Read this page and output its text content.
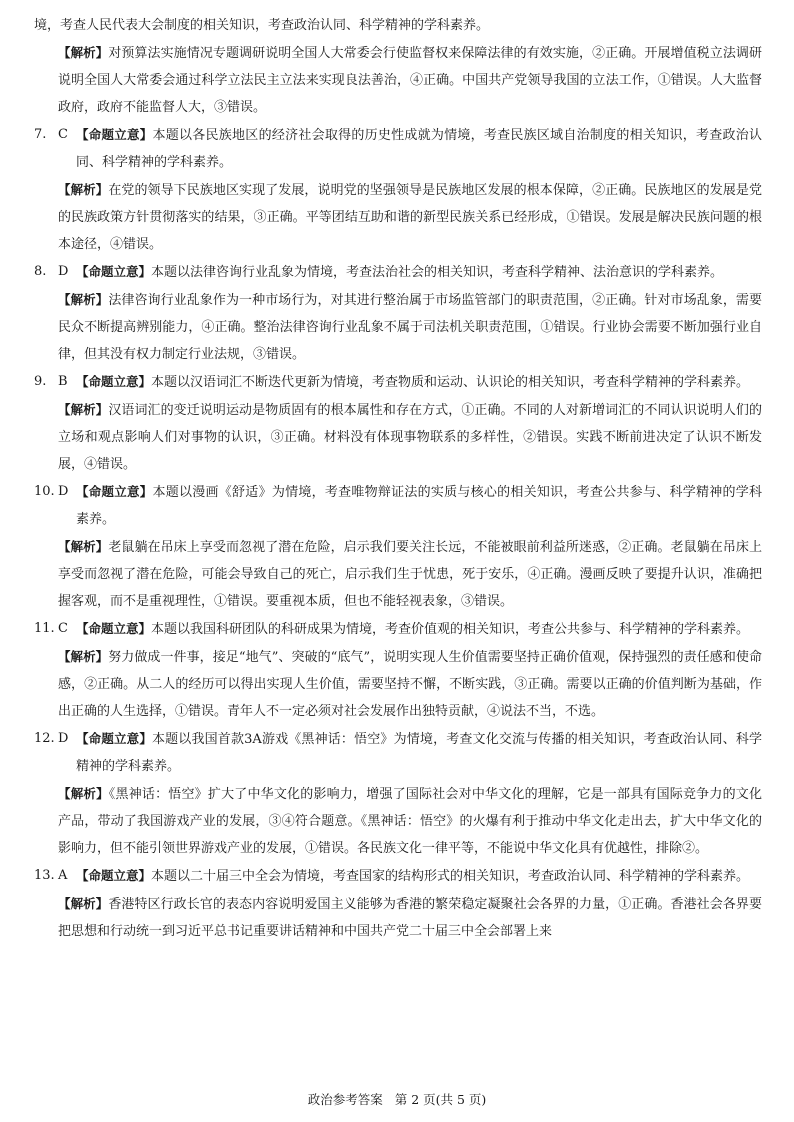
境，考查人民代表大会制度的相关知识，考查政治认同、科学精神的学科素养。

【解析】对预算法实施情况专题调研说明全国人大常委会行使监督权来保障法律的有效实施，②正确。开展增值税立法调研说明全国人大常委会通过科学立法民主立法来实现良法善治，④正确。中国共产党领导我国的立法工作，①错误。人大监督政府，政府不能监督人大，③错误。

7. C 【命题立意】本题以各民族地区的经济社会取得的历史性成就为情境，考查民族区域自治制度的相关知识，考查政治认同、科学精神的学科素养。

【解析】在党的领导下民族地区实现了发展，说明党的坚强领导是民族地区发展的根本保障，②正确。民族地区的发展是党的民族政策方针贯彻落实的结果，③正确。平等团结互助和谐的新型民族关系已经形成，①错误。发展是解决民族问题的根本途径，④错误。

8. D 【命题立意】本题以法律咨询行业乱象为情境，考查法治社会的相关知识，考查科学精神、法治意识的学科素养。

【解析】法律咨询行业乱象作为一种市场行为，对其进行整治属于市场监管部门的职责范围，②正确。针对市场乱象，需要民众不断提高辨别能力，④正确。整治法律咨询行业乱象不属于司法机关职责范围，①错误。行业协会需要不断加强行业自律，但其没有权力制定行业法规，③错误。

9. B 【命题立意】本题以汉语词汇不断迭代更新为情境，考查物质和运动、认识论的相关知识，考查科学精神的学科素养。

【解析】汉语词汇的变迁说明运动是物质固有的根本属性和存在方式，①正确。不同的人对新增词汇的不同认识说明人们的立场和观点影响人们对事物的认识，③正确。材料没有体现事物联系的多样性，②错误。实践不断前进决定了认识不断发展，④错误。

10. D 【命题立意】本题以漫画《舒适》为情境，考查唯物辩证法的实质与核心的相关知识，考查公共参与、科学精神的学科素养。

【解析】老鼠躺在吊床上享受而忽视了潜在危险，启示我们要关注长远，不能被眼前利益所迷惑，②正确。老鼠躺在吊床上享受而忽视了潜在危险，可能会导致自己的死亡，启示我们生于忧患，死于安乐，④正确。漫画反映了要提升认识，准确把握客观，而不是重视理性，①错误。要重视本质，但也不能轻视表象，③错误。

11. C 【命题立意】本题以我国科研团队的科研成果为情境，考查价值观的相关知识，考查公共参与、科学精神的学科素养。

【解析】努力做成一件事，接足“地气”、突破的“底气”，说明实现人生价值需要坚持正确价值观，保持强烈的责任感和使命感，②正确。从二人的经历可以得出实现人生价值，需要坚持不懈，不断实践，③正确。需要以正确的价值判断为基础，作出正确的人生选择，①错误。青年人不一定必须对社会发展作出独特贡献，④说法不当，不选。

12. D 【命题立意】本题以我国首款3A游戏《黑神话：悟空》为情境，考查文化交流与传播的相关知识，考查政治认同、科学精神的学科素养。

【解析】《黑神话：悟空》扩大了中华文化的影响力，增强了国际社会对中华文化的理解，它是一部具有国际竞争力的文化产品，带动了我国游戏产业的发展，③④符合题意。《黑神话：悟空》的火爆有利于推动中华文化走出去，扩大中华文化的影响力，但不能引领世界游戏产业的发展，①错误。各民族文化一律平等，不能说中华文化具有优越性，排除②。

13. A 【命题立意】本题以二十届三中全会为情境，考查国家的结构形式的相关知识，考查政治认同、科学精神的学科素养。

【解析】香港特区行政长官的表态内容说明爱国主义能够为香港的繁荣稳定凝聚社会各界的力量，①正确。香港社会各界要把思想和行动统一到习近平总书记重要讲话精神和中国共产党二十届三中全会部署上来

政治参考答案 第 2 页(共 5 页)
